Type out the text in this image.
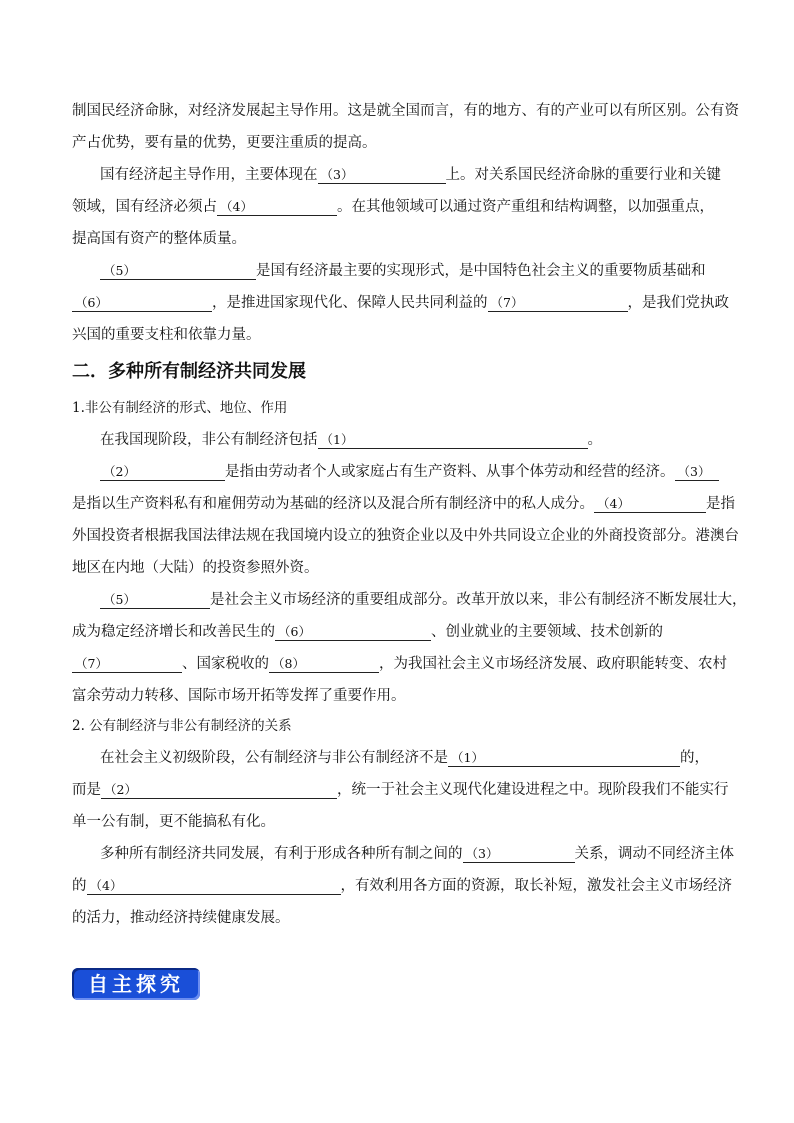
制国民经济命脉，对经济发展起主导作用。这是就全国而言，有的地方、有的产业可以有所区别。公有资
产占优势，要有量的优势，更要注重质的提高。
国有经济起主导作用，主要体现在 （3）	上。对关系国民经济命脉的重要行业和关键
领域，国有经济必须占 （4）	。在其他领域可以通过资产重组和结构调整，以加强重点，
提高国有资产的整体质量。
（5）	是国有经济最主要的实现形式，是中国特色社会主义的重要物质基础和
（6）	，是推进国家现代化、保障人民共同利益的 （7）	，是我们党执政
兴国的重要支柱和依靠力量。
二．多种所有制经济共同发展
1.非公有制经济的形式、地位、作用
在我国现阶段，非公有制经济包括 （1）	。
（2）	是指由劳动者个人或家庭占有生产资料、从事个体劳动和经营的经济。 （3）
是指以生产资料私有和雇佣劳动为基础的经济以及混合所有制经济中的私人成分。 （4）	是指
外国投资者根据我国法律法规在我国境内设立的独资企业以及中外共同设立企业的外商投资部分。港澳台
地区在内地（大陆）的投资参照外资。
（5）	是社会主义市场经济的重要组成部分。改革开放以来，非公有制经济不断发展壮大，
成为稳定经济增长和改善民生的 （6）	、创业就业的主要领域、技术创新的
（7）	、国家税收的 （8）	，为我国社会主义市场经济发展、政府职能转变、农村
富余劳动力转移、国际市场开拓等发挥了重要作用。
2. 公有制经济与非公有制经济的关系
在社会主义初级阶段，公有制经济与非公有制经济不是 （1）	的，
而是 （2）	，统一于社会主义现代化建设进程之中。现阶段我们不能实行
单一公有制，更不能搞私有化。
多种所有制经济共同发展，有利于形成各种所有制之间的 （3）	关系，调动不同经济主体
的 （4）	，有效利用各方面的资源，取长补短，激发社会主义市场经济
的活力，推动经济持续健康发展。
自主探究
